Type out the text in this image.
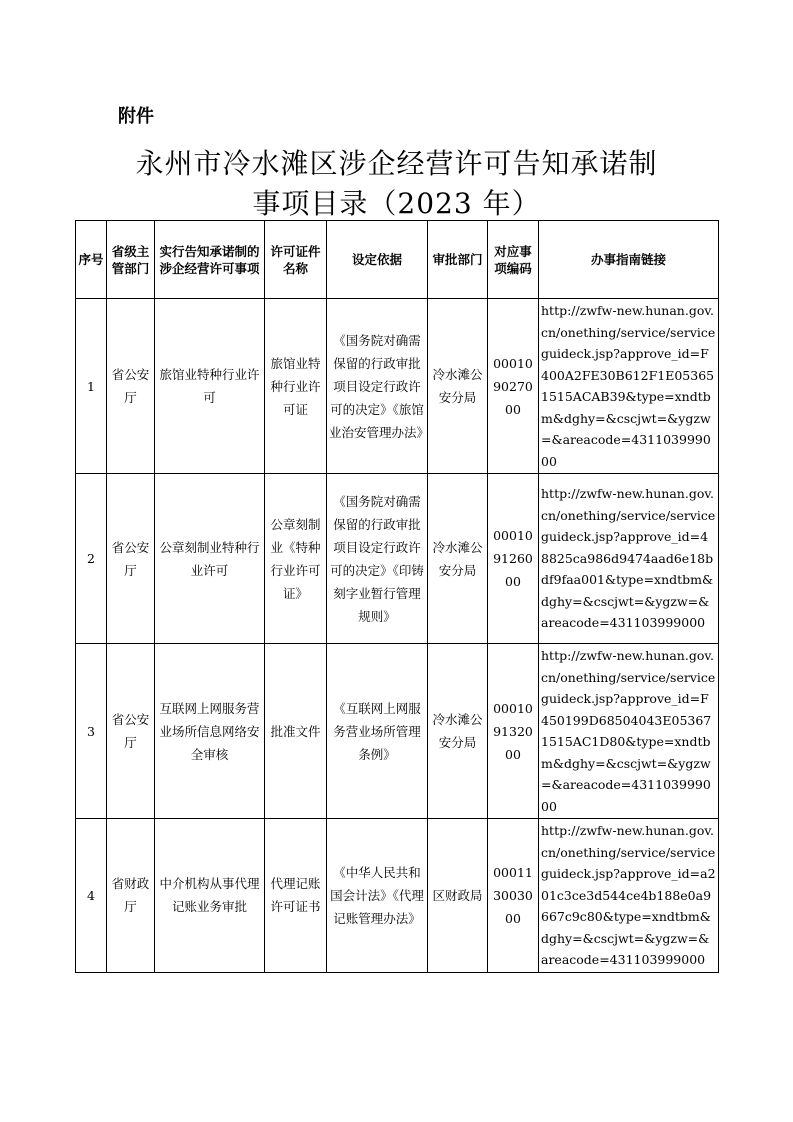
附件
永州市冷水滩区涉企经营许可告知承诺制
事项目录（2023 年）
序号	省级主管部门	实行告知承诺制的涉企经营许可事项	许可证件名称	设定依据	审批部门	对应事项编码	办事指南链接
1	省公安厅	旅馆业特种行业许可	旅馆业特种行业许可证	《国务院对确需保留的行政审批项目设定行政许可的决定》《旅馆业治安管理办法》	冷水滩公安分局	000109027000	http://zwfw-new.hunan.gov.cn/onething/service/serviceguideck.jsp?approve_id=F400A2FE30B612F1E053651515ACAB39&type=xndtbm&dghy=&cscjwt=&ygzw=&areacode=431103999000
2	省公安厅	公章刻制业特种行业许可	公章刻制业《特种行业许可证》	《国务院对确需保留的行政审批项目设定行政许可的决定》《印铸刻字业暂行管理规则》	冷水滩公安分局	000109126000	http://zwfw-new.hunan.gov.cn/onething/service/serviceguideck.jsp?approve_id=48825ca986d9474aad6e18bdf9faa001&type=xndtbm&dghy=&cscjwt=&ygzw=&areacode=431103999000
3	省公安厅	互联网上网服务营业场所信息网络安全审核	批准文件	《互联网上网服务营业场所管理条例》	冷水滩公安分局	000109132000	http://zwfw-new.hunan.gov.cn/onething/service/serviceguideck.jsp?approve_id=F450199D68504043E053671515AC1D80&type=xndtbm&dghy=&cscjwt=&ygzw=&areacode=431103999000
4	省财政厅	中介机构从事代理记账业务审批	代理记账许可证书	《中华人民共和国会计法》《代理记账管理办法》	区财政局	000113003000	http://zwfw-new.hunan.gov.cn/onething/service/serviceguideck.jsp?approve_id=a201c3ce3d544ce4b188e0a9667c9c80&type=xndtbm&dghy=&cscjwt=&ygzw=&areacode=431103999000
